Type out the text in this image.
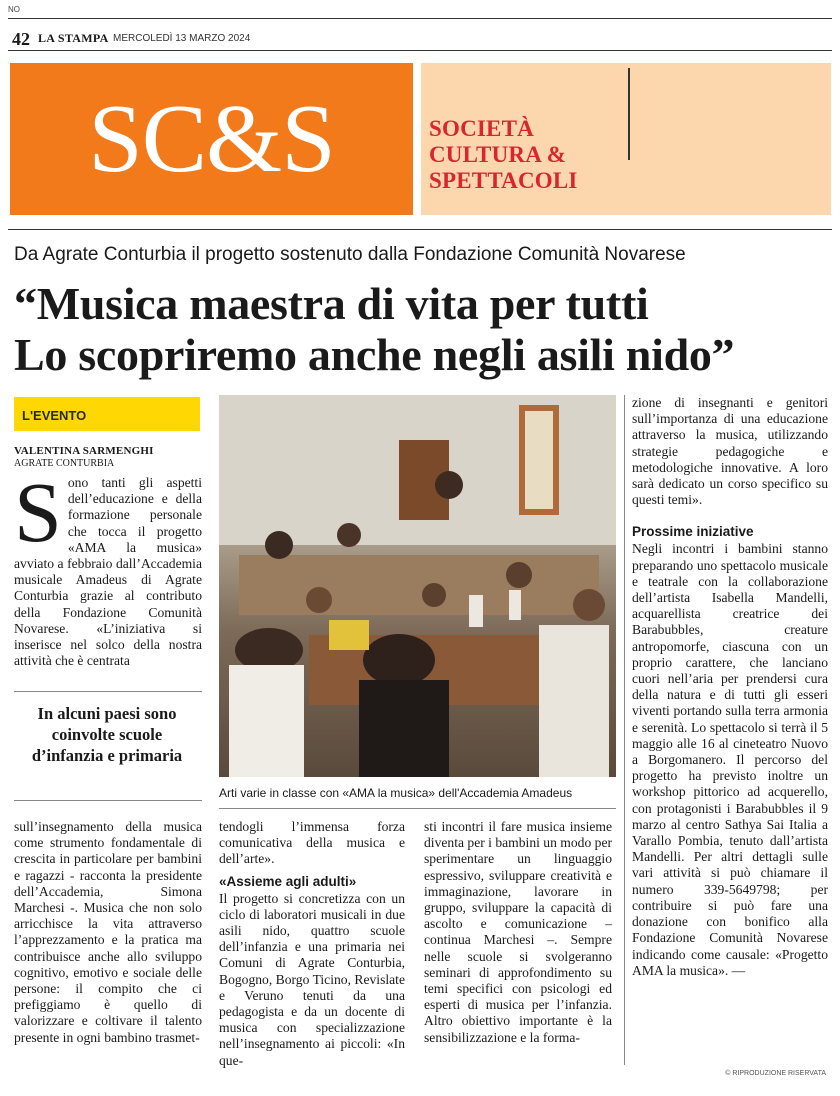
NO
42 LA STAMPA MERCOLEDÌ 13 MARZO 2024
SC&S	SOCIETÀ
CULTURA &
SPETTACOLI
Da Agrate Conturbia il progetto sostenuto dalla Fondazione Comunità Novarese
“Musica maestra di vita per tutti
Lo scopriremo anche negli asili nido”
L'EVENTO
VALENTINA SARMENGHI
AGRATE CONTURBIA
Sono tanti gli aspetti dell’educazione e della formazione personale che tocca il progetto «AMA la musica» avviato a febbraio dall’Accademia musicale Amadeus di Agrate Conturbia grazie al contributo della Fondazione Comunità Novarese. «L’iniziativa si inserisce nel solco della nostra attività che è centrata
In alcuni paesi sono coinvolte scuole d’infanzia e primaria
Arti varie in classe con «AMA la musica» dell'Accademia Amadeus
sull’insegnamento della musica come strumento fondamentale di crescita in particolare per bambini e ragazzi - racconta la presidente dell’Accademia, Simona Marchesi -. Musica che non solo arricchisce la vita attraverso l’apprezzamento e la pratica ma contribuisce anche allo sviluppo cognitivo, emotivo e sociale delle persone: il compito che ci prefiggiamo è quello di valorizzare e coltivare il talento presente in ogni bambino trasmet-
tendogli l’immensa forza comunicativa della musica e dell’arte».
«Assieme agli adulti»
Il progetto si concretizza con un ciclo di laboratori musicali in due asili nido, quattro scuole dell’infanzia e una primaria nei Comuni di Agrate Conturbia, Bogogno, Borgo Ticino, Revislate e Veruno tenuti da una pedagogista e da un docente di musica con specializzazione nell’insegnamento ai piccoli: «In que-
sti incontri il fare musica insieme diventa per i bambini un modo per sperimentare un linguaggio espressivo, sviluppare creatività e immaginazione, lavorare in gruppo, sviluppare la capacità di ascolto e comunicazione – continua Marchesi –. Sempre nelle scuole si svolgeranno seminari di approfondimento su temi specifici con psicologi ed esperti di musica per l’infanzia. Altro obiettivo importante è la sensibilizzazione e la forma-
zione di insegnanti e genitori sull’importanza di una educazione attraverso la musica, utilizzando strategie pedagogiche e metodologiche innovative. A loro sarà dedicato un corso specifico su questi temi».
Prossime iniziative
Negli incontri i bambini stanno preparando uno spettacolo musicale e teatrale con la collaborazione dell’artista Isabella Mandelli, acquarellista creatrice dei Barabubbles, creature antropomorfe, ciascuna con un proprio carattere, che lanciano cuori nell’aria per prendersi cura della natura e di tutti gli esseri viventi portando sulla terra armonia e serenità. Lo spettacolo si terrà il 5 maggio alle 16 al cineteatro Nuovo a Borgomanero. Il percorso del progetto ha previsto inoltre un workshop pittorico ad acquerello, con protagonisti i Barabubbles il 9 marzo al centro Sathya Sai Italia a Varallo Pombia, tenuto dall’artista Mandelli. Per altri dettagli sulle vari attività si può chiamare il numero 339-5649798; per contribuire si può fare una donazione con bonifico alla Fondazione Comunità Novarese indicando come causale: «Progetto AMA la musica». —
© RIPRODUZIONE RISERVATA
